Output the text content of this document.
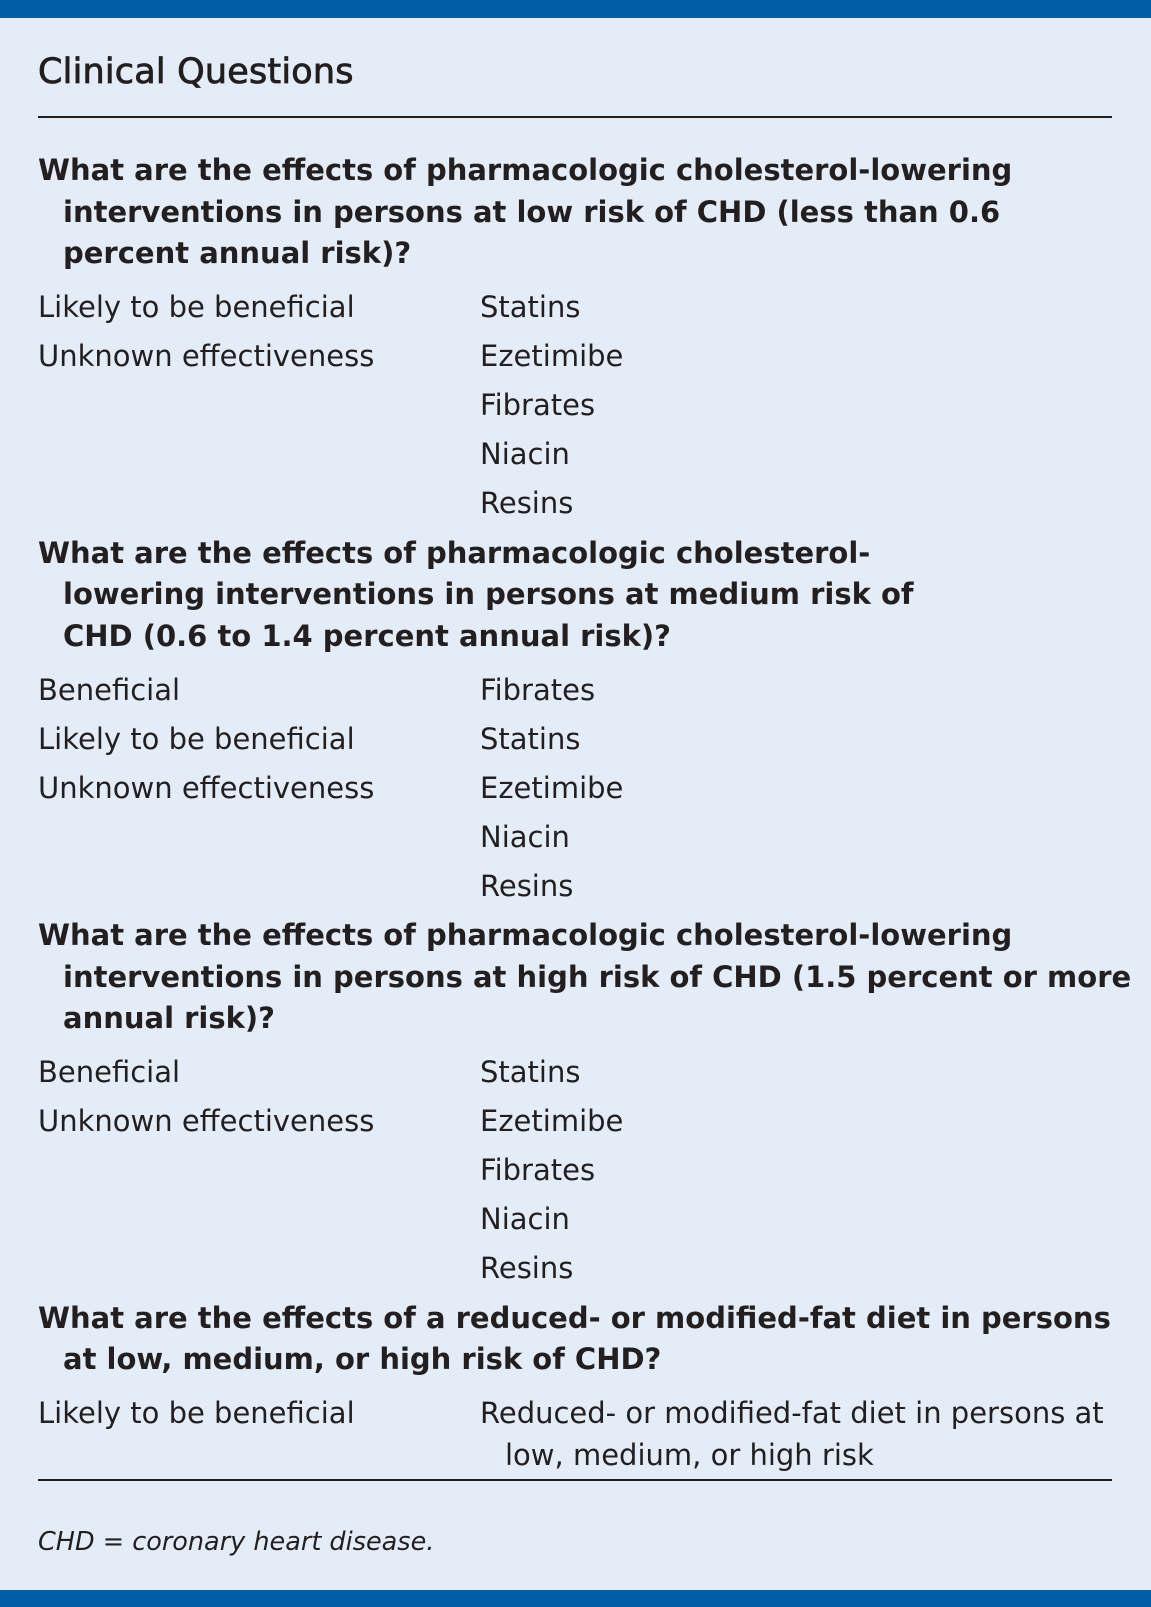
Clinical Questions

What are the effects of pharmacologic cholesterol-lowering interventions in persons at low risk of CHD (less than 0.6 percent annual risk)?

Likely to be beneficial	Statins
Unknown effectiveness	Ezetimibe
Fibrates
Niacin
Resins

What are the effects of pharmacologic cholesterol-lowering interventions in persons at medium risk of CHD (0.6 to 1.4 percent annual risk)?

Beneficial	Fibrates
Likely to be beneficial	Statins
Unknown effectiveness	Ezetimibe
Niacin
Resins

What are the effects of pharmacologic cholesterol-lowering interventions in persons at high risk of CHD (1.5 percent or more annual risk)?

Beneficial	Statins
Unknown effectiveness	Ezetimibe
Fibrates
Niacin
Resins

What are the effects of a reduced- or modified-fat diet in persons at low, medium, or high risk of CHD?

Likely to be beneficial	Reduced- or modified-fat diet in persons at low, medium, or high risk
CHD = coronary heart disease.
